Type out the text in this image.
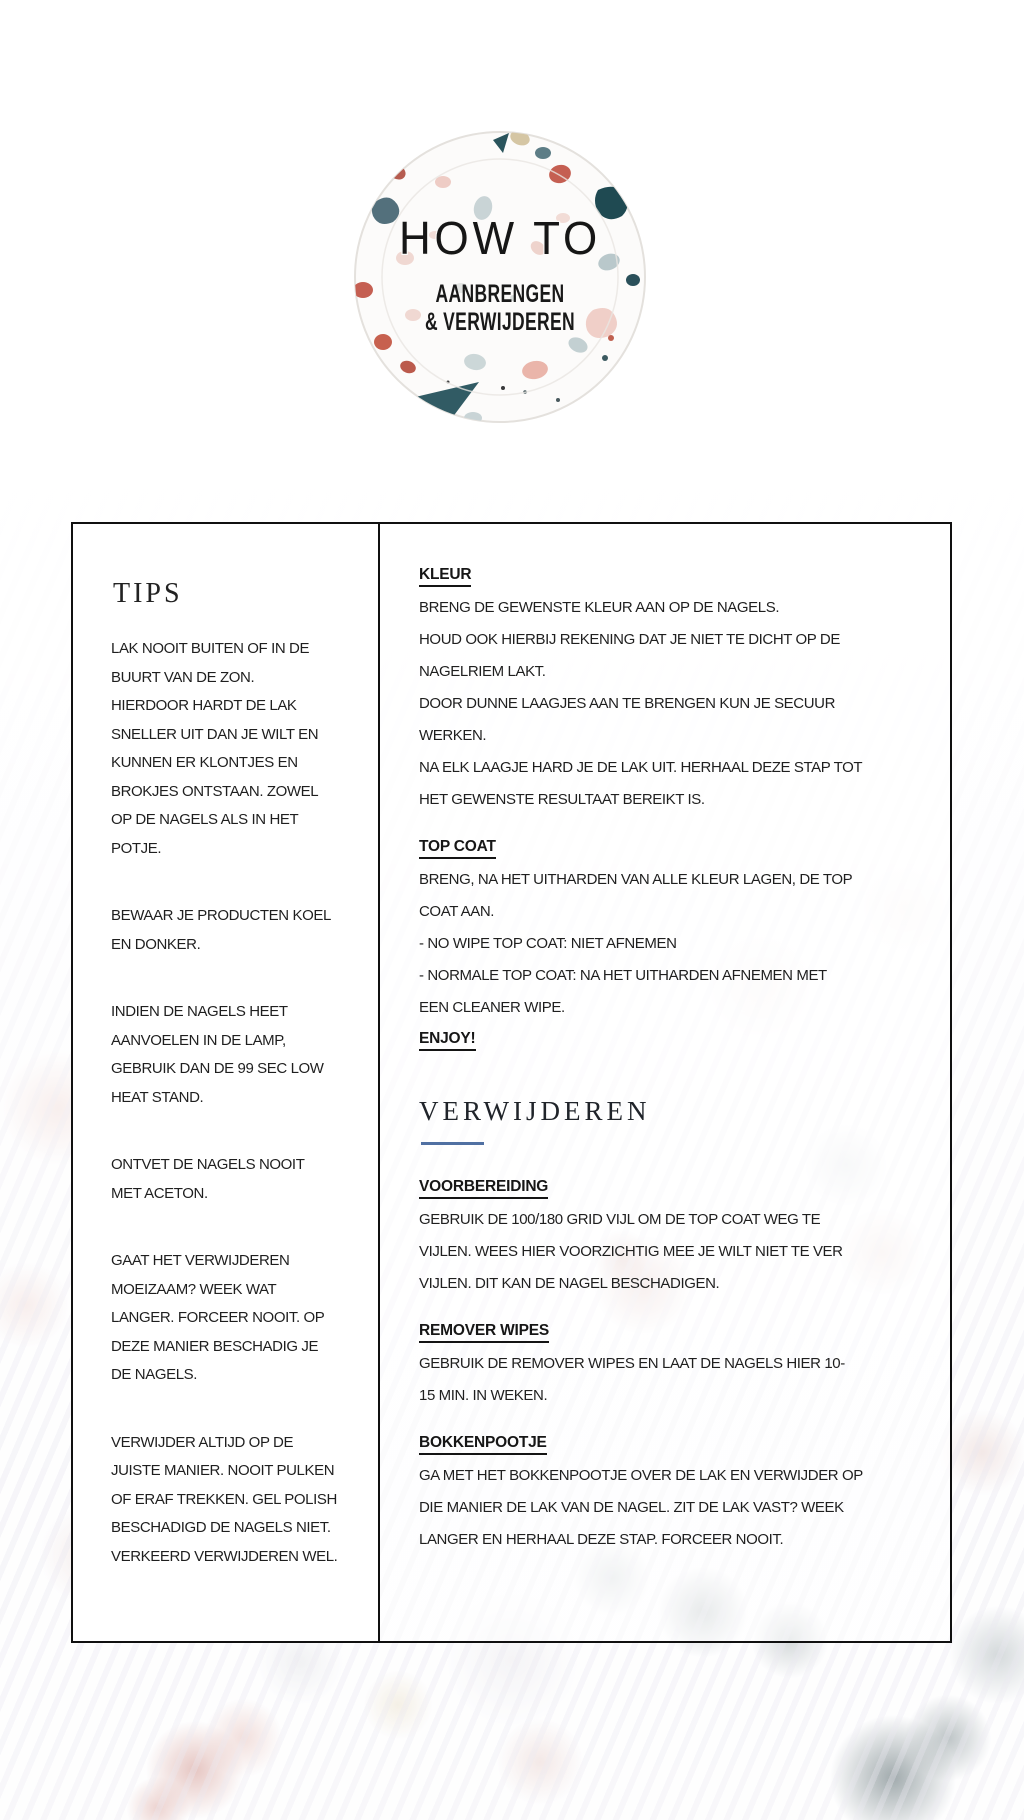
HOW TO
AANBRENGEN
& VERWIJDEREN
TIPS
LAK NOOIT BUITEN OF IN DE
BUURT VAN DE ZON.
HIERDOOR HARDT DE LAK
SNELLER UIT DAN JE WILT EN
KUNNEN ER KLONTJES EN
BROKJES ONTSTAAN. ZOWEL
OP DE NAGELS ALS IN HET
POTJE.
BEWAAR JE PRODUCTEN KOEL
EN DONKER.
INDIEN DE NAGELS HEET
AANVOELEN IN DE LAMP,
GEBRUIK DAN DE 99 SEC LOW
HEAT STAND.
ONTVET DE NAGELS NOOIT
MET ACETON.
GAAT HET VERWIJDEREN
MOEIZAAM? WEEK WAT
LANGER. FORCEER NOOIT. OP
DEZE MANIER BESCHADIG JE
DE NAGELS.
VERWIJDER ALTIJD OP DE
JUISTE MANIER. NOOIT PULKEN
OF ERAF TREKKEN. GEL POLISH
BESCHADIGD DE NAGELS NIET.
VERKEERD VERWIJDEREN WEL.
KLEUR
BRENG DE GEWENSTE KLEUR AAN OP DE NAGELS.
HOUD OOK HIERBIJ REKENING DAT JE NIET TE DICHT OP DE
NAGELRIEM LAKT.
DOOR DUNNE LAAGJES AAN TE BRENGEN KUN JE SECUUR
WERKEN.
NA ELK LAAGJE HARD JE DE LAK UIT. HERHAAL DEZE STAP TOT
HET GEWENSTE RESULTAAT BEREIKT IS.
TOP COAT
BRENG, NA HET UITHARDEN VAN ALLE KLEUR LAGEN, DE TOP
COAT AAN.
- NO WIPE TOP COAT: NIET AFNEMEN
- NORMALE TOP COAT: NA HET UITHARDEN AFNEMEN MET
EEN CLEANER WIPE.
ENJOY!
VERWIJDEREN
VOORBEREIDING
GEBRUIK DE 100/180 GRID VIJL OM DE TOP COAT WEG TE
VIJLEN. WEES HIER VOORZICHTIG MEE JE WILT NIET TE VER
VIJLEN. DIT KAN DE NAGEL BESCHADIGEN.
REMOVER WIPES
GEBRUIK DE REMOVER WIPES EN LAAT DE NAGELS HIER 10-
15 MIN. IN WEKEN.
BOKKENPOOTJE
GA MET HET BOKKENPOOTJE OVER DE LAK EN VERWIJDER OP
DIE MANIER DE LAK VAN DE NAGEL. ZIT DE LAK VAST? WEEK
LANGER EN HERHAAL DEZE STAP. FORCEER NOOIT.
